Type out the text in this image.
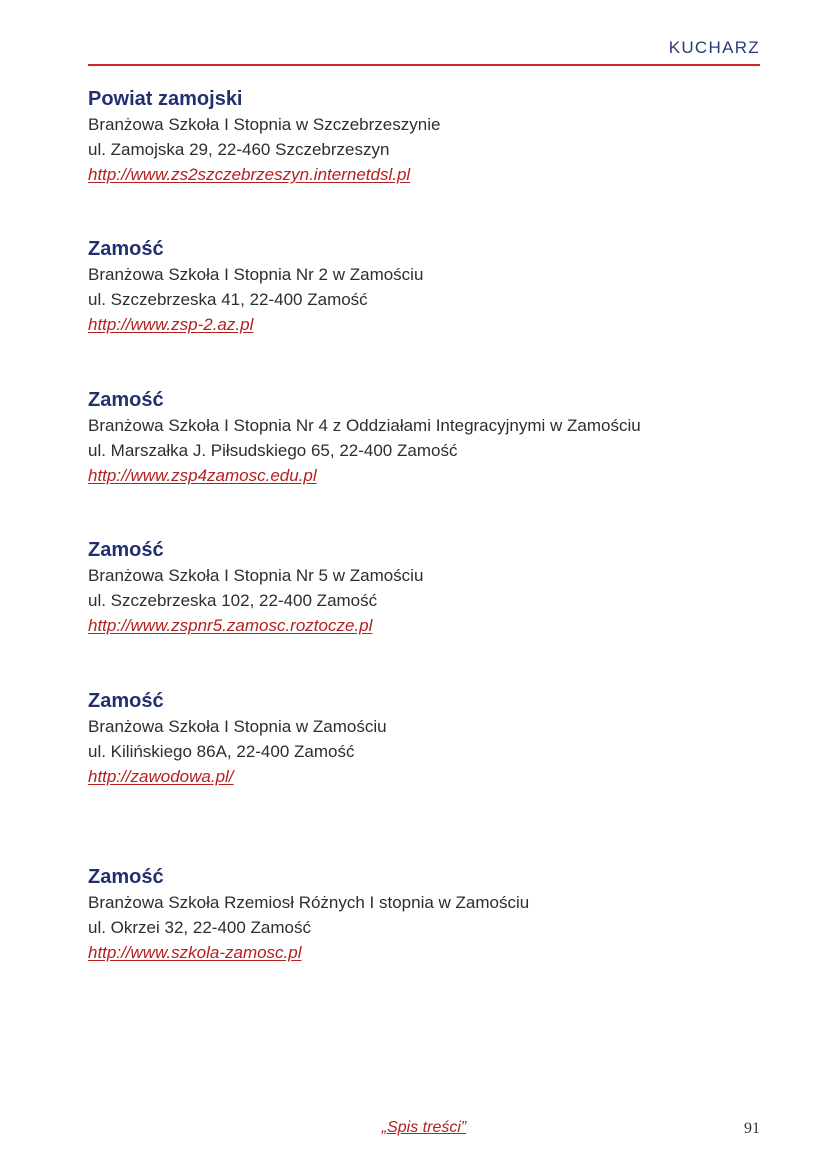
KUCHARZ
Powiat zamojski

Branżowa Szkoła I Stopnia w Szczebrzeszynie

ul. Zamojska 29, 22-460 Szczebrzeszyn

http://www.zs2szczebrzeszyn.internetdsl.pl
Zamość

Branżowa Szkoła I Stopnia Nr 2 w Zamościu

ul. Szczebrzeska 41, 22-400 Zamość

http://www.zsp-2.az.pl
Zamość

Branżowa Szkoła I Stopnia Nr 4 z Oddziałami Integracyjnymi w Zamościu

ul. Marszałka J. Piłsudskiego 65, 22-400 Zamość

http://www.zsp4zamosc.edu.pl
Zamość

Branżowa Szkoła I Stopnia Nr 5 w Zamościu

ul. Szczebrzeska 102, 22-400 Zamość

http://www.zspnr5.zamosc.roztocze.pl
Zamość

Branżowa Szkoła I Stopnia w Zamościu

ul. Kilińskiego 86A, 22-400 Zamość

http://zawodowa.pl/
Zamość

Branżowa Szkoła Rzemiosł Różnych I stopnia w Zamościu

ul. Okrzei 32, 22-400 Zamość

http://www.szkola-zamosc.pl
„Spis treści”	91
